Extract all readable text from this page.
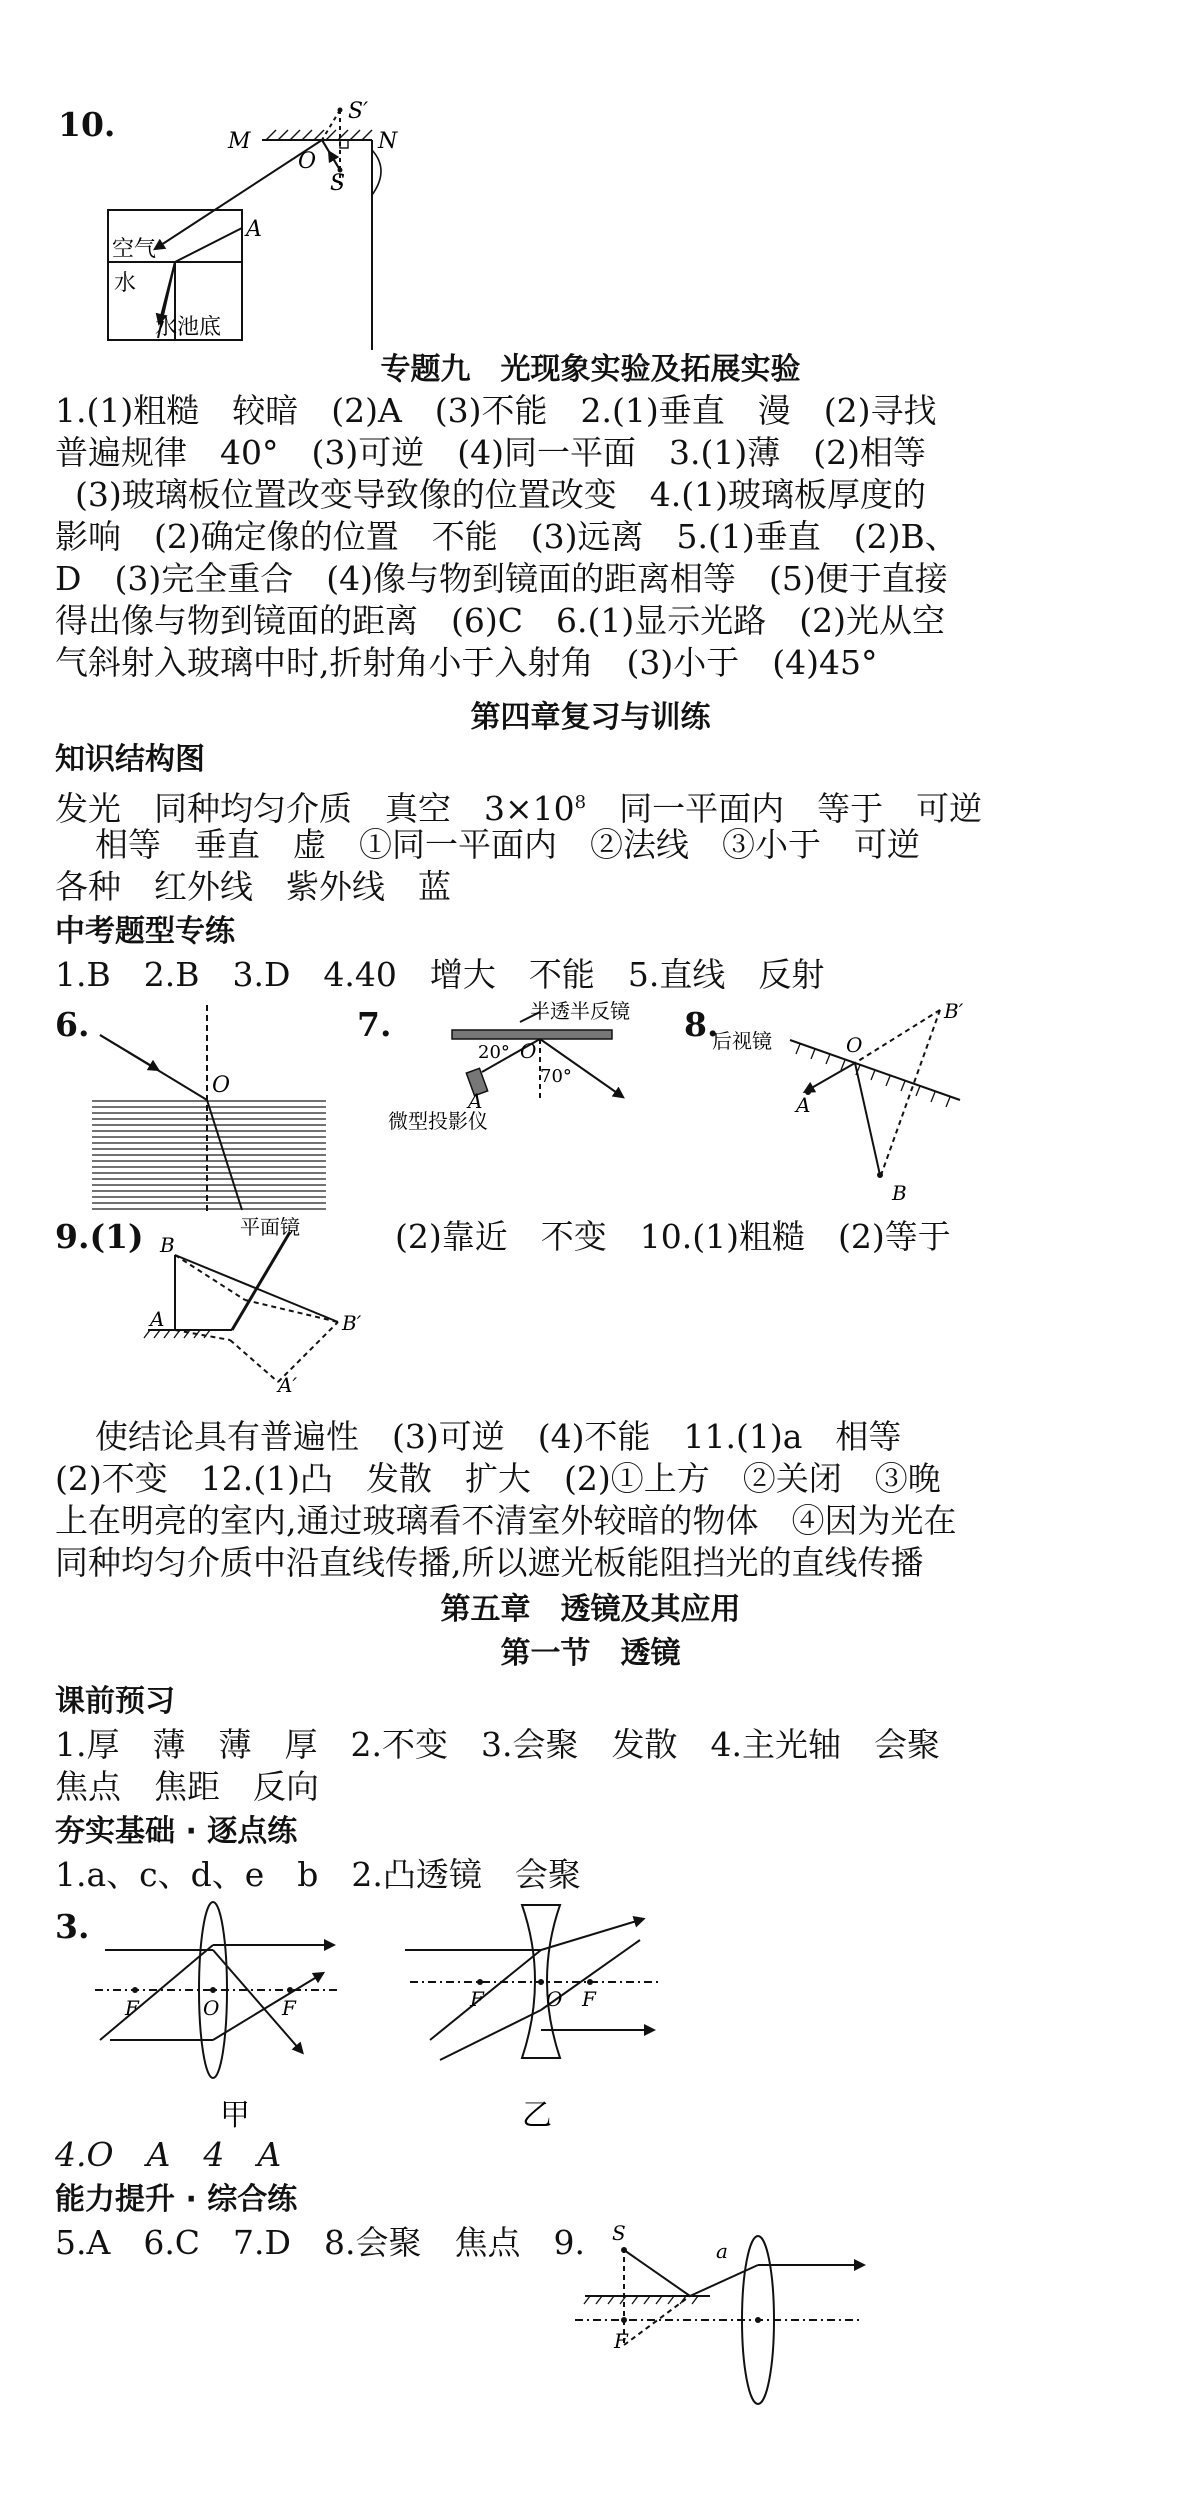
10.	M	N
S′
S
O
A
空气
水
水池底
专题九　光现象实验及拓展实验
1.(1)粗糙　较暗　(2)A　(3)不能　2.(1)垂直　漫　(2)寻找
普遍规律　40°　(3)可逆　(4)同一平面　3.(1)薄　(2)相等
(3)玻璃板位置改变导致像的位置改变　4.(1)玻璃板厚度的
影响　(2)确定像的位置　不能　(3)远离　5.(1)垂直　(2)B、
D　(3)完全重合　(4)像与物到镜面的距离相等　(5)便于直接
得出像与物到镜面的距离　(6)C　6.(1)显示光路　(2)光从空
气斜射入玻璃中时,折射角小于入射角　(3)小于　(4)45°
第四章复习与训练
知识结构图
发光　同种均匀介质　真空　$3\times 10^8$　同一平面内　等于　可逆
相等　垂直　虚　①同一平面内　②法线　③小于　可逆
各种　红外线　紫外线　蓝
中考题型专练
1.B　2.B　3.D　4.40　增大　不能　5.直线　反射
6.	7.	8.
O
半透半反镜
20°
70°
O
A
微型投影仪
后视镜	O
A
B
B′
9.(1)	(2)靠近　不变　10.(1)粗糙　(2)等于
平面镜
B
A	B′
A′
使结论具有普遍性　(3)可逆　(4)不能　11.(1)a　相等
(2)不变　12.(1)凸　发散　扩大　(2)①上方　②关闭　③晚
上在明亮的室内,通过玻璃看不清室外较暗的物体　④因为光在
同种均匀介质中沿直线传播,所以遮光板能阻挡光的直线传播
第五章　透镜及其应用
第一节　透镜
课前预习
1.厚　薄　薄　厚　2.不变　3.会聚　发散　4.主光轴　会聚
焦点　焦距　反向
夯实基础 · 逐点练
1.a、c、d、e　b　2.凸透镜　会聚
3.
F	O	F	F	O F
甲	乙
4.O　A　4　A
能力提升 · 综合练
5.A　6.C　7.D　8.会聚　焦点　9. S
a
F
